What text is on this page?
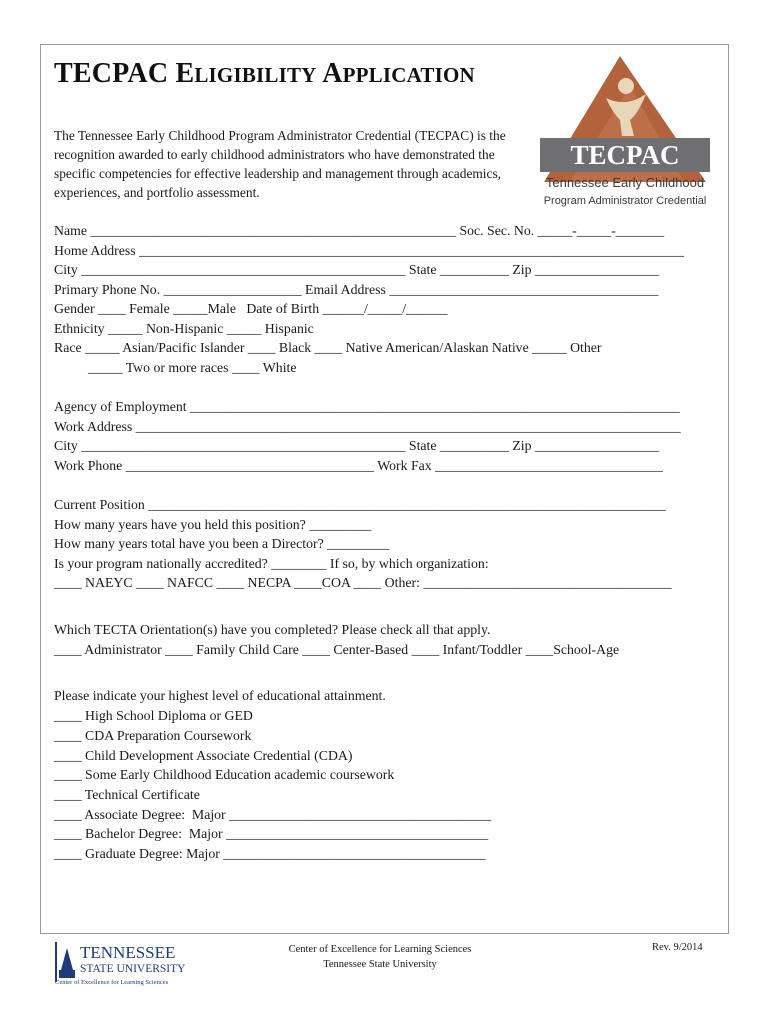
TECPAC ELIGIBILITY APPLICATION

The Tennessee Early Childhood Program Administrator Credential (TECPAC) is the recognition awarded to early childhood administrators who have demonstrated the specific competencies for effective leadership and management through academics, experiences, and portfolio assessment.

TECPAC
Tennessee Early Childhood
Program Administrator Credential
Name _____________________________________________________ Soc. Sec. No. _____-_____-_______
Home Address _______________________________________________________________________________
City _______________________________________________ State __________ Zip __________________
Primary Phone No. ____________________ Email Address _______________________________________
Gender ____ Female _____Male   Date of Birth ______/_____/______
Ethnicity _____ Non-Hispanic _____ Hispanic
Race _____ Asian/Pacific Islander ____ Black ____ Native American/Alaskan Native _____ Other
_____ Two or more races ____ White
Agency of Employment _______________________________________________________________________
Work Address _______________________________________________________________________________
City _______________________________________________ State __________ Zip __________________
Work Phone ____________________________________ Work Fax _________________________________
Current Position ___________________________________________________________________________
How many years have you held this position? _________
How many years total have you been a Director? _________
Is your program nationally accredited? ________ If so, by which organization:
____ NAEYC ____ NAFCC ____ NECPA ____COA ____ Other: ____________________________________
Which TECTA Orientation(s) have you completed? Please check all that apply.
____ Administrator ____ Family Child Care ____ Center-Based ____ Infant/Toddler ____School-Age
Please indicate your highest level of educational attainment.
____ High School Diploma or GED
____ CDA Preparation Coursework
____ Child Development Associate Credential (CDA)
____ Some Early Childhood Education academic coursework
____ Technical Certificate
____ Associate Degree:  Major ______________________________________
____ Bachelor Degree:  Major ______________________________________
____ Graduate Degree: Major ______________________________________
TENNESSEE
STATE UNIVERSITY
Center of Excellence for Learning Sciences
Center of Excellence for Learning Sciences
Tennessee State University
Rev. 9/2014
